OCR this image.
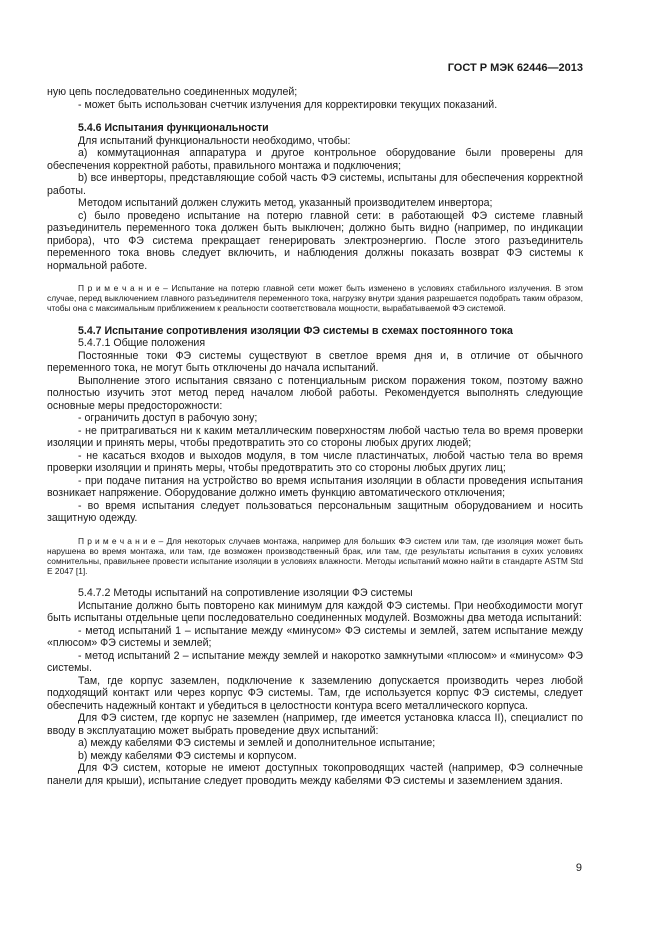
ГОСТ Р МЭК 62446—2013

ную цепь последовательно соединенных модулей;

- может быть использован счетчик излучения для корректировки текущих показаний.

5.4.6 Испытания функциональности

Для испытаний функциональности необходимо, чтобы:

а) коммутационная аппаратура и другое контрольное оборудование были проверены для обеспечения корректной работы, правильного монтажа и подключения;

b) все инверторы, представляющие собой часть ФЭ системы, испытаны для обеспечения корректной работы.

Методом испытаний должен служить метод, указанный производителем инвертора;

c) было проведено испытание на потерю главной сети: в работающей ФЭ системе главный разъединитель переменного тока должен быть выключен; должно быть видно (например, по индикации прибора), что ФЭ система прекращает генерировать электроэнергию. После этого разъединитель переменного тока вновь следует включить, и наблюдения должны показать возврат ФЭ системы к нормальной работе.

П р и м е ч а н и е – Испытание на потерю главной сети может быть изменено в условиях стабильного излучения. В этом случае, перед выключением главного разъединителя переменного тока, нагрузку внутри здания разрешается подобрать таким образом, чтобы она с максимальным приближением к реальности соответствовала мощности, вырабатываемой ФЭ системой.

5.4.7 Испытание сопротивления изоляции ФЭ системы в схемах постоянного тока

5.4.7.1 Общие положения

Постоянные токи ФЭ системы существуют в светлое время дня и, в отличие от обычного переменного тока, не могут быть отключены до начала испытаний.

Выполнение этого испытания связано с потенциальным риском поражения током, поэтому важно полностью изучить этот метод перед началом любой работы. Рекомендуется выполнять следующие основные меры предосторожности:

- ограничить доступ в рабочую зону;

- не притрагиваться ни к каким металлическим поверхностям любой частью тела во время проверки изоляции и принять меры, чтобы предотвратить это со стороны любых других людей;

- не касаться входов и выходов модуля, в том числе пластинчатых, любой частью тела во время проверки изоляции и принять меры, чтобы предотвратить это со стороны любых других лиц;

- при подаче питания на устройство во время испытания изоляции в области проведения испытания возникает напряжение. Оборудование должно иметь функцию автоматического отключения;

- во время испытания следует пользоваться персональным защитным оборудованием и носить защитную одежду.

П р и м е ч а н и е – Для некоторых случаев монтажа, например для больших ФЭ систем или там, где изоляция может быть нарушена во время монтажа, или там, где возможен производственный брак, или там, где результаты испытания в сухих условиях сомнительны, правильнее провести испытание изоляции в условиях влажности. Методы испытаний можно найти в стандарте ASTM Std E 2047 [1].

5.4.7.2 Методы испытаний на сопротивление изоляции ФЭ системы

Испытание должно быть повторено как минимум для каждой ФЭ системы. При необходимости могут быть испытаны отдельные цепи последовательно соединенных модулей. Возможны два метода испытаний:

- метод испытаний 1 – испытание между «минусом» ФЭ системы и землей, затем испытание между «плюсом» ФЭ системы и землей;

- метод испытаний 2 – испытание между землей и накоротко замкнутыми «плюсом» и «минусом» ФЭ системы.

Там, где корпус заземлен, подключение к заземлению допускается производить через любой подходящий контакт или через корпус ФЭ системы. Там, где используется корпус ФЭ системы, следует обеспечить надежный контакт и убедиться в целостности контура всего металлического корпуса.

Для ФЭ систем, где корпус не заземлен (например, где имеется установка класса II), специалист по вводу в эксплуатацию может выбрать проведение двух испытаний:

а) между кабелями ФЭ системы и землей и дополнительное испытание;

b) между кабелями ФЭ системы и корпусом.

Для ФЭ систем, которые не имеют доступных токопроводящих частей (например, ФЭ солнечные панели для крыши), испытание следует проводить между кабелями ФЭ системы и заземлением здания.

9
